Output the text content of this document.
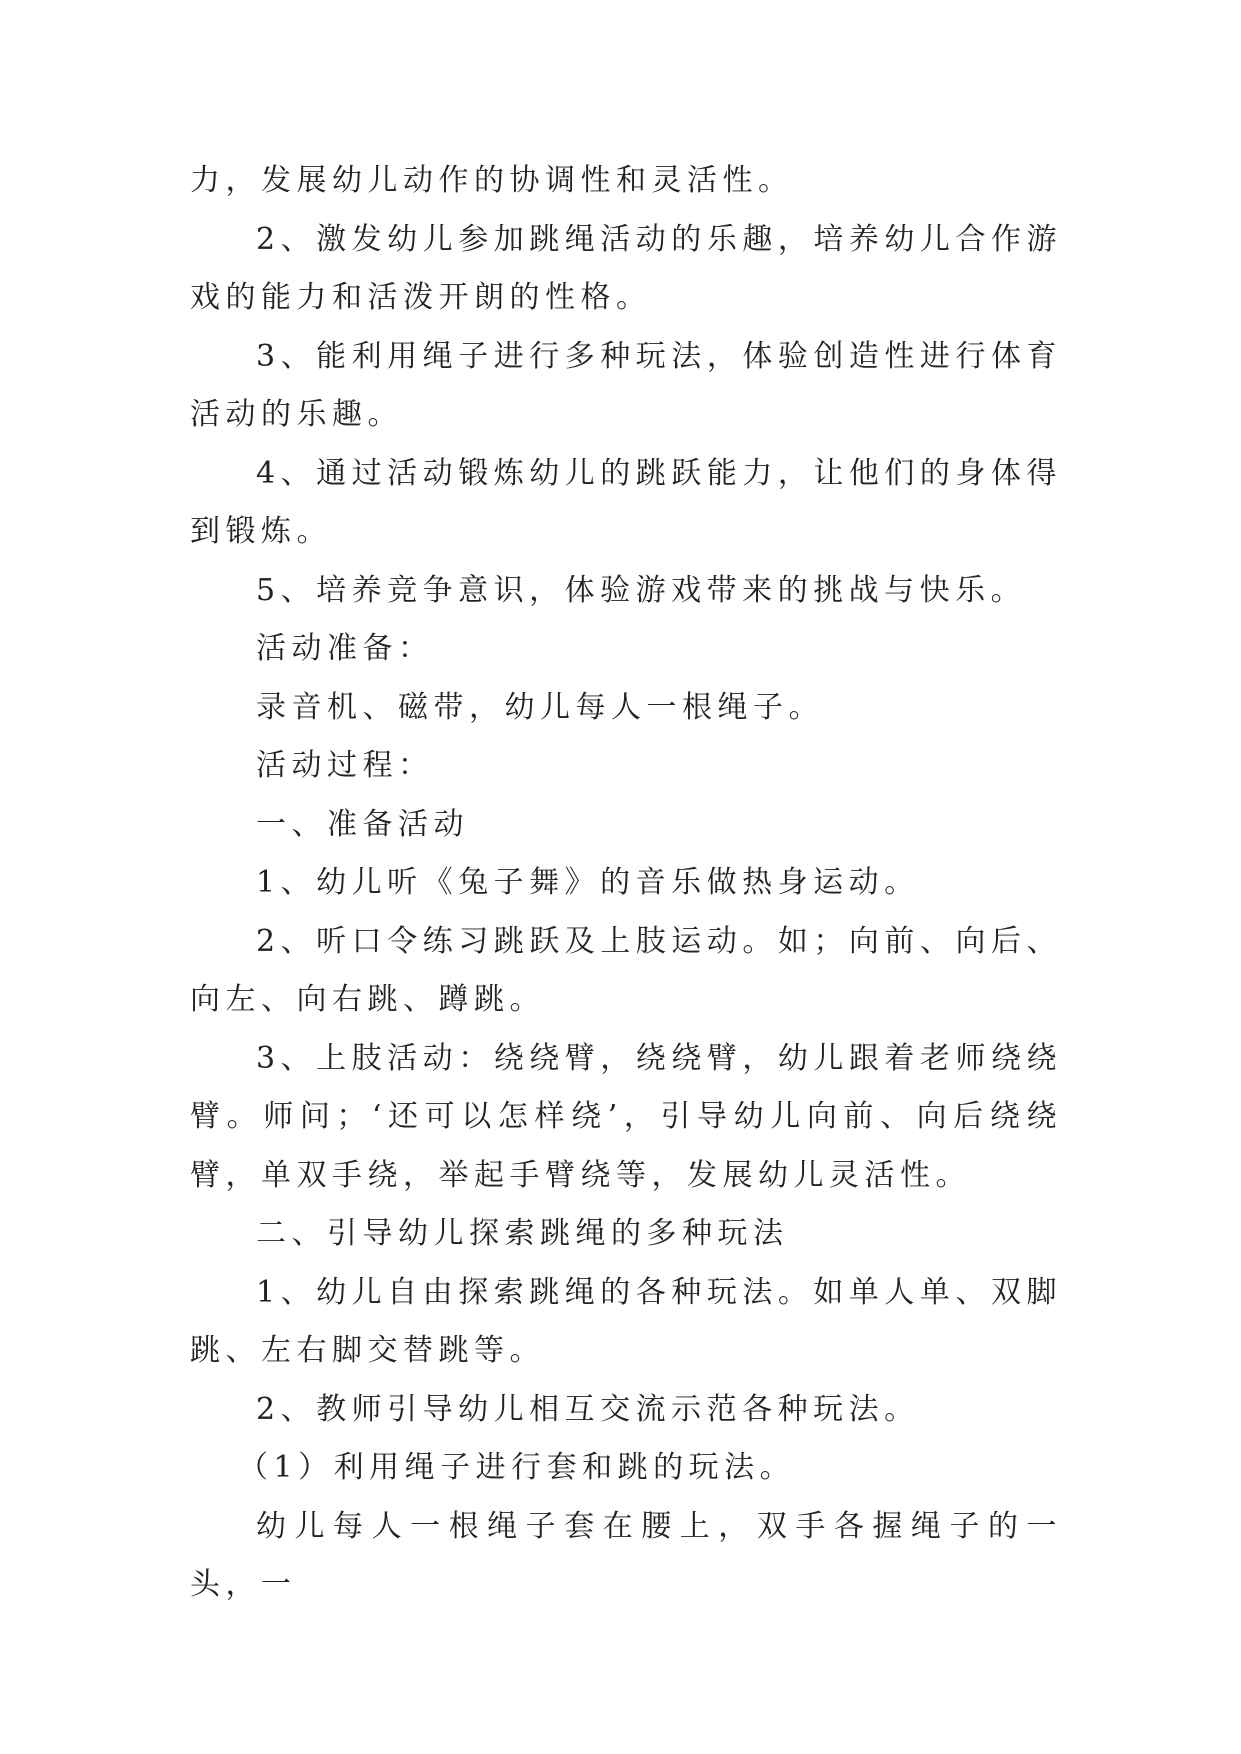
力，发展幼儿动作的协调性和灵活性。

2、激发幼儿参加跳绳活动的乐趣，培养幼儿合作游戏的能力和活泼开朗的性格。

3、能利用绳子进行多种玩法，体验创造性进行体育活动的乐趣。

4、通过活动锻炼幼儿的跳跃能力，让他们的身体得到锻炼。

5、培养竞争意识，体验游戏带来的挑战与快乐。

活动准备：

录音机、磁带，幼儿每人一根绳子。

活动过程：

一、准备活动

1、幼儿听《兔子舞》的音乐做热身运动。

2、听口令练习跳跃及上肢运动。如；向前、向后、向左、向右跳、蹲跳。

3、上肢活动：绕绕臂，绕绕臂，幼儿跟着老师绕绕臂。师问；‘还可以怎样绕’，引导幼儿向前、向后绕绕臂，单双手绕，举起手臂绕等，发展幼儿灵活性。

二、引导幼儿探索跳绳的多种玩法

1、幼儿自由探索跳绳的各种玩法。如单人单、双脚跳、左右脚交替跳等。

2、教师引导幼儿相互交流示范各种玩法。

（1）利用绳子进行套和跳的玩法。

幼儿每人一根绳子套在腰上，双手各握绳子的一头，一
